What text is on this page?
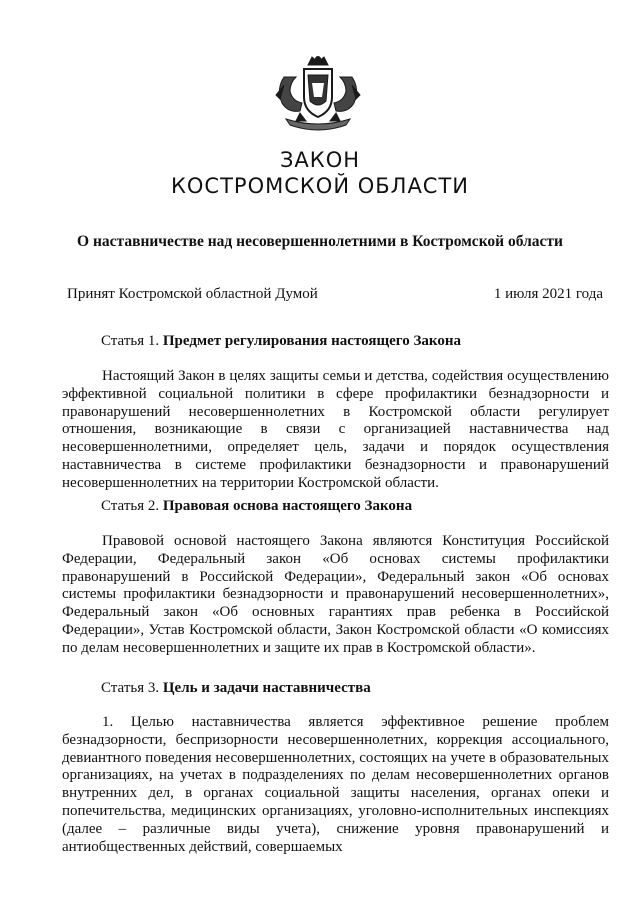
ЗАКОН
КОСТРОМСКОЙ ОБЛАСТИ
О наставничестве над несовершеннолетними в Костромской области
Принят Костромской областной Думой	1 июля 2021 года
Статья 1. Предмет регулирования настоящего Закона

Настоящий Закон в целях защиты семьи и детства, содействия осуществлению эффективной социальной политики в сфере профилактики безнадзорности и правонарушений несовершеннолетних в Костромской области регулирует отношения, возникающие в связи с организацией наставничества над несовершеннолетними, определяет цель, задачи и порядок осуществления наставничества в системе профилактики безнадзорности и правонарушений несовершеннолетних на территории Костромской области.

Статья 2. Правовая основа настоящего Закона

Правовой основой настоящего Закона являются Конституция Российской Федерации, Федеральный закон «Об основах системы профилактики правонарушений в Российской Федерации», Федеральный закон «Об основах системы профилактики безнадзорности и правонарушений несовершеннолетних», Федеральный закон «Об основных гарантиях прав ребенка в Российской Федерации», Устав Костромской области, Закон Костромской области «О комиссиях по делам несовершеннолетних и защите их прав в Костромской области».

Статья 3. Цель и задачи наставничества

1. Целью наставничества является эффективное решение проблем безнадзорности, беспризорности несовершеннолетних, коррекция ассоциального, девиантного поведения несовершеннолетних, состоящих на учете в образовательных организациях, на учетах в подразделениях по делам несовершеннолетних органов внутренних дел, в органах социальной защиты населения, органах опеки и попечительства, медицинских организациях, уголовно-исполнительных инспекциях (далее – различные виды учета), снижение уровня правонарушений и антиобщественных действий, совершаемых
